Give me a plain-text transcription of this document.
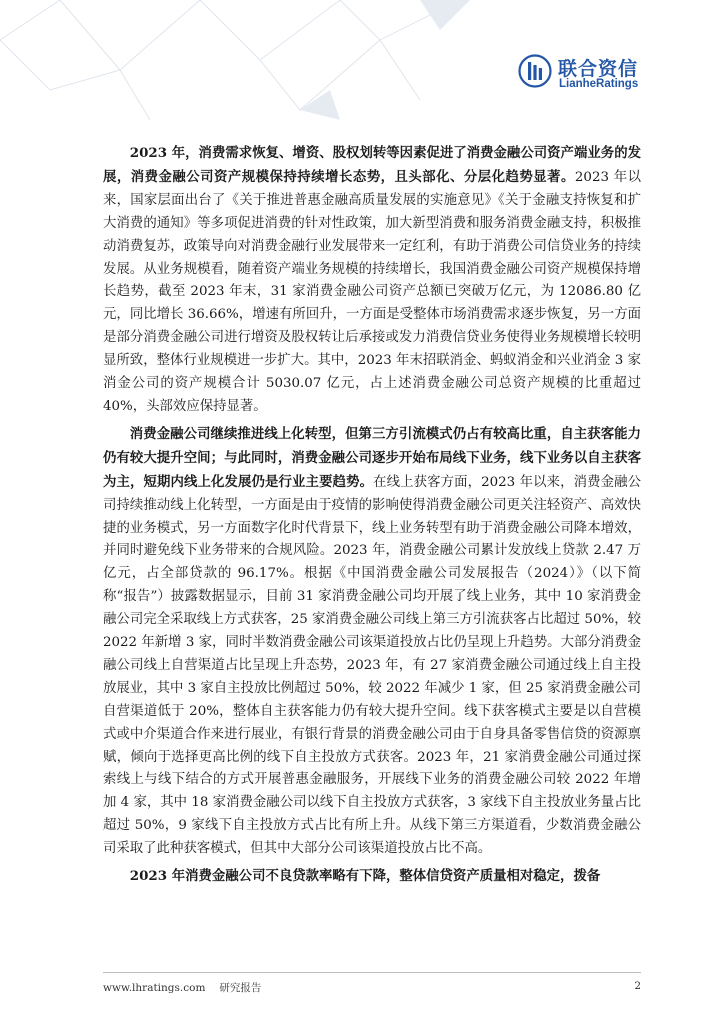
联合资信
LianheRatings

2023 年，消费需求恢复、增资、股权划转等因素促进了消费金融公司资产端业务的发展，消费金融公司资产规模保持持续增长态势，且头部化、分层化趋势显著。2023 年以来，国家层面出台了《关于推进普惠金融高质量发展的实施意见》《关于金融支持恢复和扩大消费的通知》等多项促进消费的针对性政策，加大新型消费和服务消费金融支持，积极推动消费复苏，政策导向对消费金融行业发展带来一定红利，有助于消费公司信贷业务的持续发展。从业务规模看，随着资产端业务规模的持续增长，我国消费金融公司资产规模保持增长趋势，截至 2023 年末，31 家消费金融公司资产总额已突破万亿元，为 12086.80 亿元，同比增长 36.66%，增速有所回升，一方面是受整体市场消费需求逐步恢复，另一方面是部分消费金融公司进行增资及股权转让后承接或发力消费信贷业务使得业务规模增长较明显所致，整体行业规模进一步扩大。其中，2023 年末招联消金、蚂蚁消金和兴业消金 3 家消金公司的资产规模合计 5030.07 亿元，占上述消费金融公司总资产规模的比重超过 40%，头部效应保持显著。

消费金融公司继续推进线上化转型，但第三方引流模式仍占有较高比重，自主获客能力仍有较大提升空间；与此同时，消费金融公司逐步开始布局线下业务，线下业务以自主获客为主，短期内线上化发展仍是行业主要趋势。在线上获客方面，2023 年以来，消费金融公司持续推动线上化转型，一方面是由于疫情的影响使得消费金融公司更关注轻资产、高效快捷的业务模式，另一方面数字化时代背景下，线上业务转型有助于消费金融公司降本增效，并同时避免线下业务带来的合规风险。2023 年，消费金融公司累计发放线上贷款 2.47 万亿元，占全部贷款的 96.17%。根据《中国消费金融公司发展报告（2024）》（以下简称“报告”）披露数据显示，目前 31 家消费金融公司均开展了线上业务，其中 10 家消费金融公司完全采取线上方式获客，25 家消费金融公司线上第三方引流获客占比超过 50%，较 2022 年新增 3 家，同时半数消费金融公司该渠道投放占比仍呈现上升趋势。大部分消费金融公司线上自营渠道占比呈现上升态势，2023 年，有 27 家消费金融公司通过线上自主投放展业，其中 3 家自主投放比例超过 50%，较 2022 年减少 1 家，但 25 家消费金融公司自营渠道低于 20%，整体自主获客能力仍有较大提升空间。线下获客模式主要是以自营模式或中介渠道合作来进行展业，有银行背景的消费金融公司由于自身具备零售信贷的资源禀赋，倾向于选择更高比例的线下自主投放方式获客。2023 年，21 家消费金融公司通过探索线上与线下结合的方式开展普惠金融服务，开展线下业务的消费金融公司较 2022 年增加 4 家，其中 18 家消费金融公司以线下自主投放方式获客，3 家线下自主投放业务量占比超过 50%，9 家线下自主投放方式占比有所上升。从线下第三方渠道看，少数消费金融公司采取了此种获客模式，但其中大部分公司该渠道投放占比不高。

2023 年消费金融公司不良贷款率略有下降，整体信贷资产质量相对稳定，拨备

www.lhratings.com 研究报告	2
